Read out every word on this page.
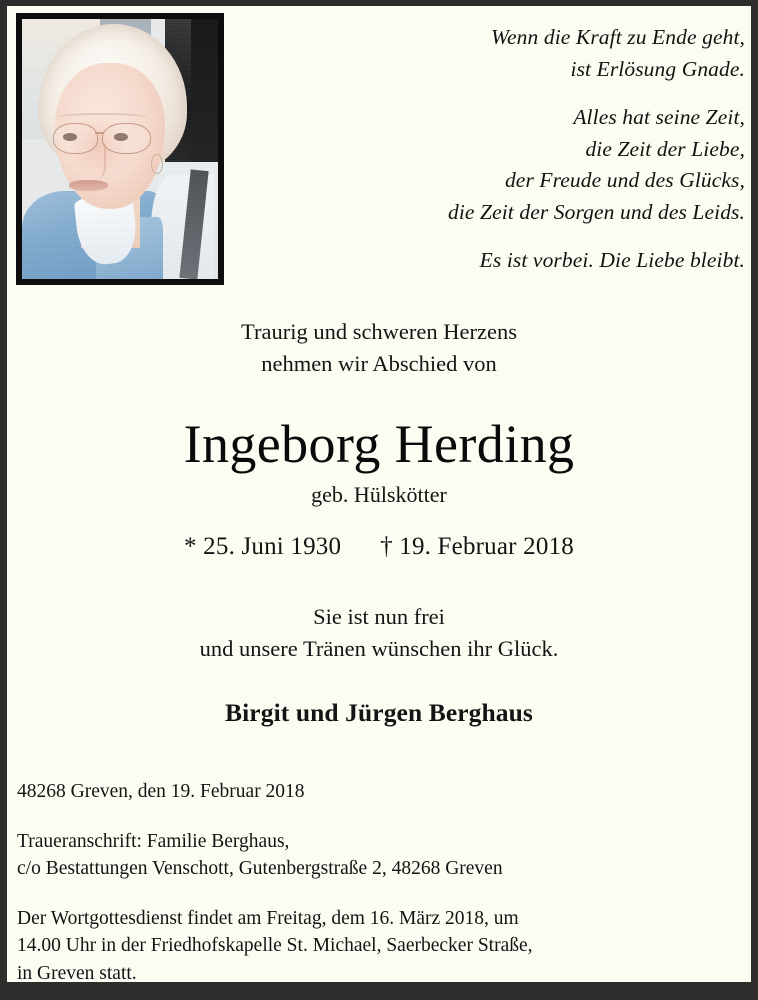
Wenn die Kraft zu Ende geht,
ist Erlösung Gnade.

Alles hat seine Zeit,
die Zeit der Liebe,
der Freude und des Glücks,
die Zeit der Sorgen und des Leids.

Es ist vorbei. Die Liebe bleibt.

Traurig und schweren Herzens
nehmen wir Abschied von
Ingeborg Herding
geb. Hülskötter
* 25. Juni 1930 † 19. Februar 2018
Sie ist nun frei
und unsere Tränen wünschen ihr Glück.
Birgit und Jürgen Berghaus

48268 Greven, den 19. Februar 2018

Traueranschrift: Familie Berghaus,
c/o Bestattungen Venschott, Gutenbergstraße 2, 48268 Greven

Der Wortgottesdienst findet am Freitag, dem 16. März 2018, um
14.00 Uhr in der Friedhofskapelle St. Michael, Saerbecker Straße,
in Greven statt.
